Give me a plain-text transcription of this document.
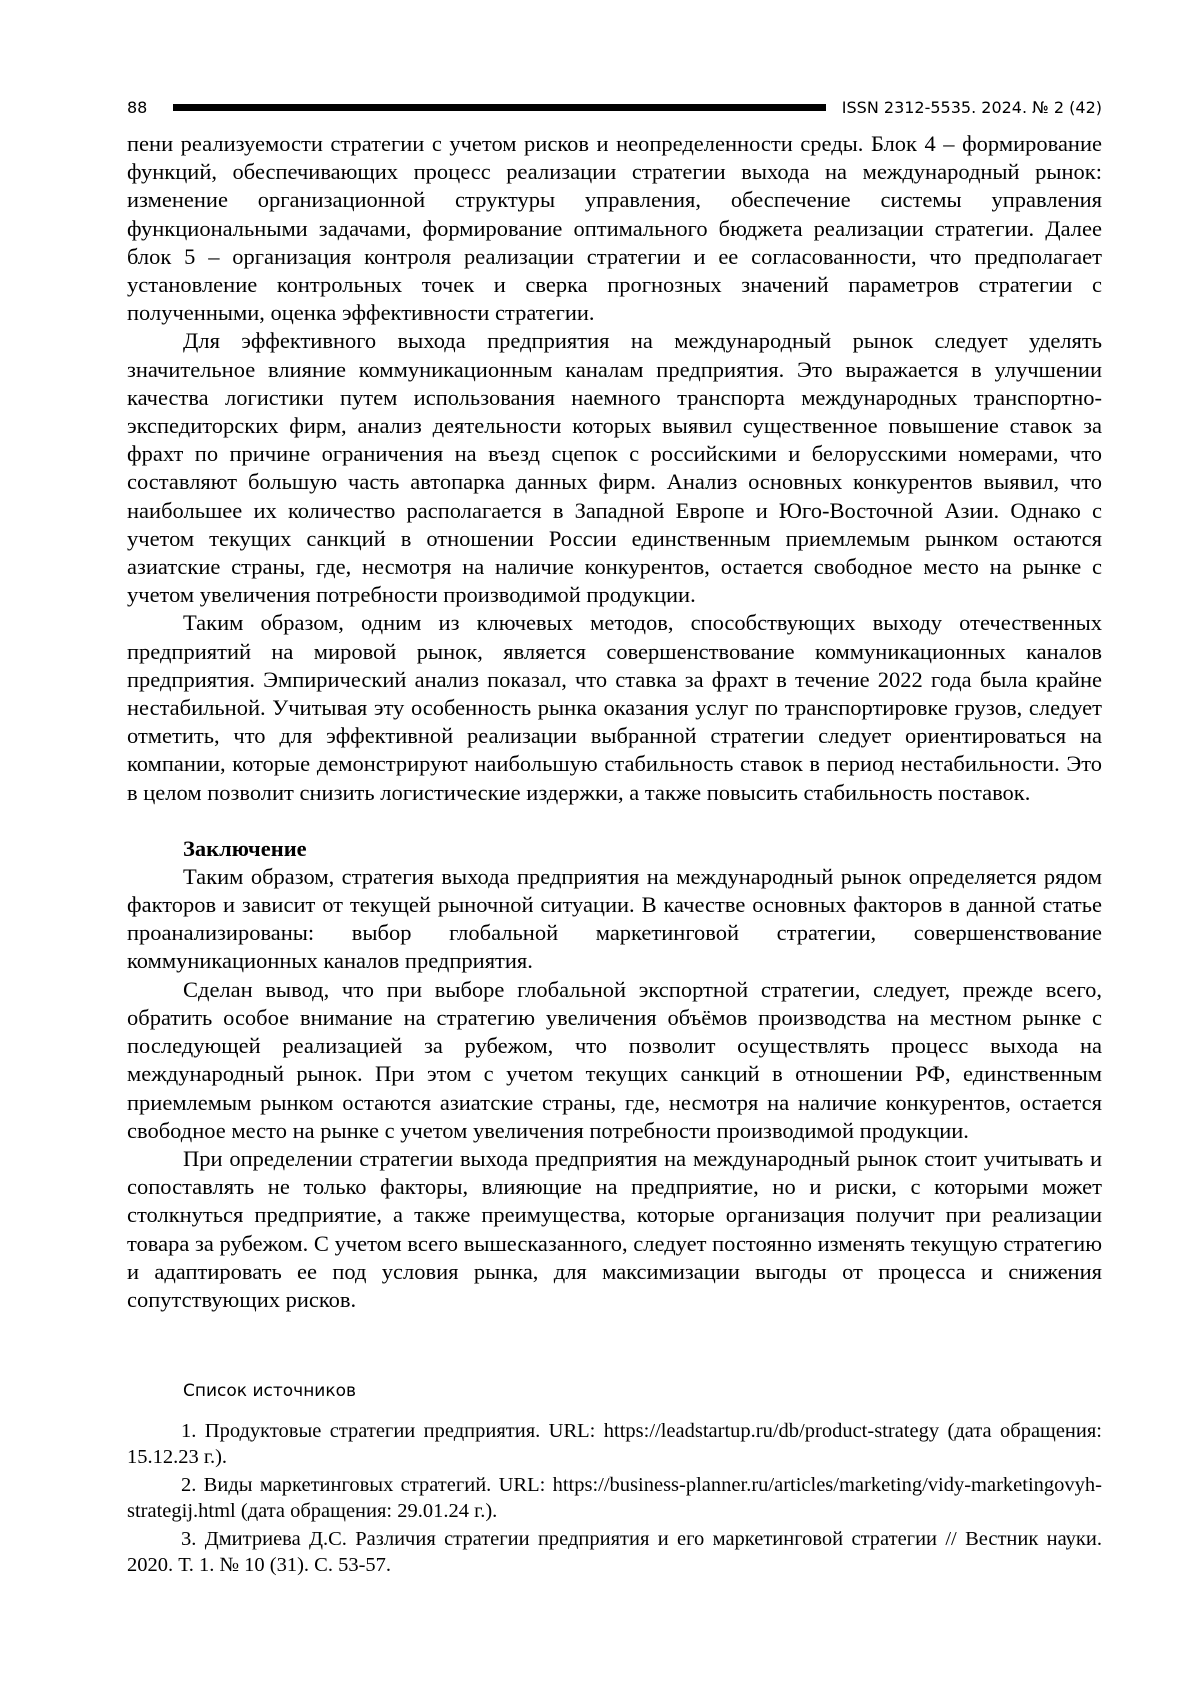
88	ISSN 2312-5535. 2024. № 2 (42)

пени реализуемости стратегии с учетом рисков и неопределенности среды. Блок 4 – формирование функций, обеспечивающих процесс реализации стратегии выхода на международный рынок: изменение организационной структуры управления, обеспечение системы управления функциональными задачами, формирование оптимального бюджета реализации стратегии. Далее блок 5 – организация контроля реализации стратегии и ее согласованности, что предполагает установление контрольных точек и сверка прогнозных значений параметров стратегии с полученными, оценка эффективности стратегии.

Для эффективного выхода предприятия на международный рынок следует уделять значительное влияние коммуникационным каналам предприятия. Это выражается в улучшении качества логистики путем использования наемного транспорта международных транспортно-экспедиторских фирм, анализ деятельности которых выявил существенное повышение ставок за фрахт по причине ограничения на въезд сцепок с российскими и белорусскими номерами, что составляют большую часть автопарка данных фирм. Анализ основных конкурентов выявил, что наибольшее их количество располагается в Западной Европе и Юго-Восточной Азии. Однако с учетом текущих санкций в отношении России единственным приемлемым рынком остаются азиатские страны, где, несмотря на наличие конкурентов, остается свободное место на рынке с учетом увеличения потребности производимой продукции.

Таким образом, одним из ключевых методов, способствующих выходу отечественных предприятий на мировой рынок, является совершенствование коммуникационных каналов предприятия. Эмпирический анализ показал, что ставка за фрахт в течение 2022 года была крайне нестабильной. Учитывая эту особенность рынка оказания услуг по транспортировке грузов, следует отметить, что для эффективной реализации выбранной стратегии следует ориентироваться на компании, которые демонстрируют наибольшую стабильность ставок в период нестабильности. Это в целом позволит снизить логистические издержки, а также повысить стабильность поставок.

Заключение

Таким образом, стратегия выхода предприятия на международный рынок определяется рядом факторов и зависит от текущей рыночной ситуации. В качестве основных факторов в данной статье проанализированы: выбор глобальной маркетинговой стратегии, совершенствование коммуникационных каналов предприятия.

Сделан вывод, что при выборе глобальной экспортной стратегии, следует, прежде всего, обратить особое внимание на стратегию увеличения объёмов производства на местном рынке с последующей реализацией за рубежом, что позволит осуществлять процесс выхода на международный рынок. При этом с учетом текущих санкций в отношении РФ, единственным приемлемым рынком остаются азиатские страны, где, несмотря на наличие конкурентов, остается свободное место на рынке с учетом увеличения потребности производимой продукции.

При определении стратегии выхода предприятия на международный рынок стоит учитывать и сопоставлять не только факторы, влияющие на предприятие, но и риски, с которыми может столкнуться предприятие, а также преимущества, которые организация получит при реализации товара за рубежом. С учетом всего вышесказанного, следует постоянно изменять текущую стратегию и адаптировать ее под условия рынка, для максимизации выгоды от процесса и снижения сопутствующих рисков.

Список источников

1. Продуктовые стратегии предприятия. URL: https://leadstartup.ru/db/product-strategy (дата обращения: 15.12.23 г.).

2. Виды маркетинговых стратегий. URL: https://business-planner.ru/articles/marketing/vidy-marketingovyh-strategij.html (дата обращения: 29.01.24 г.).

3. Дмитриева Д.С. Различия стратегии предприятия и его маркетинговой стратегии // Вестник науки. 2020. Т. 1. № 10 (31). С. 53-57.
